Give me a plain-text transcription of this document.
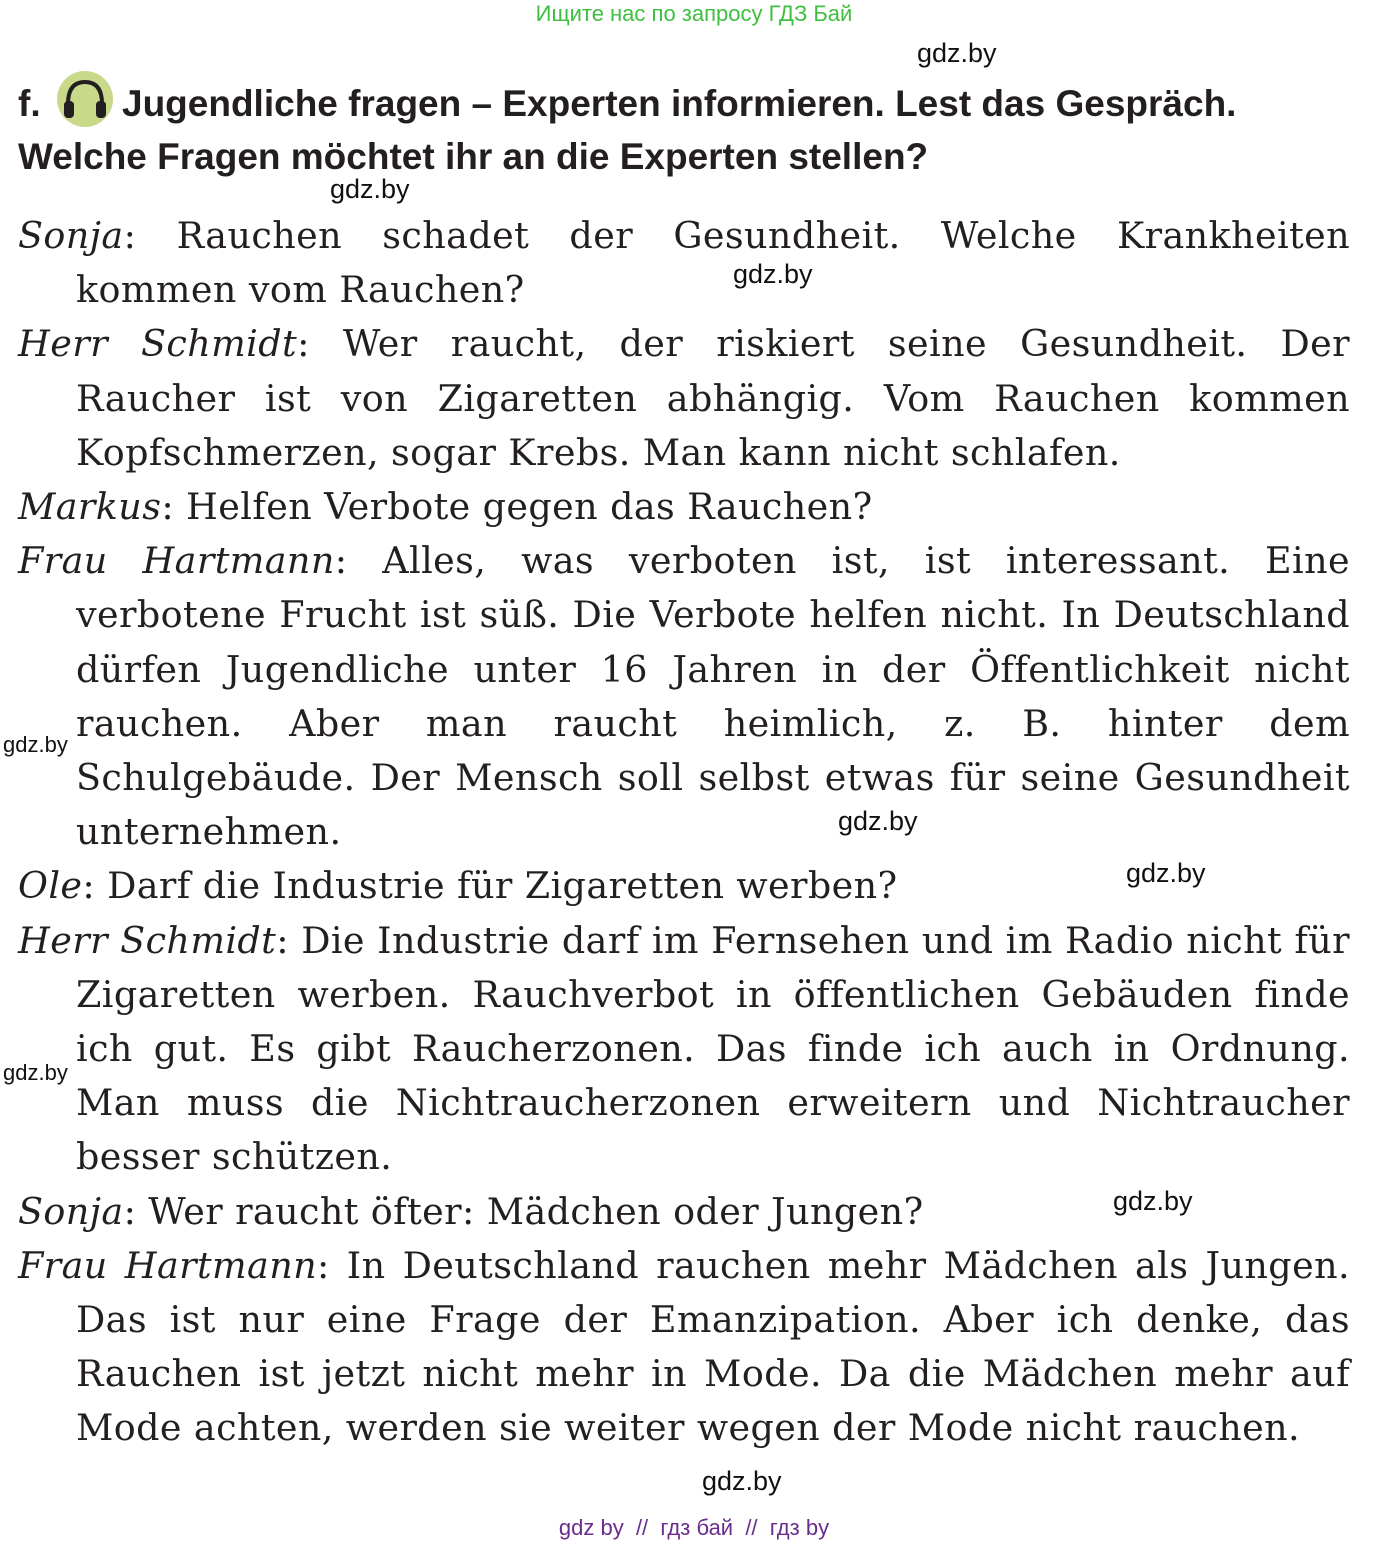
Ищите нас по запросу ГДЗ Бай
f. Jugendliche fragen – Experten informieren. Lest das Gespräch.
Welche Fragen möchtet ihr an die Experten stellen?

Sonja: Rauchen schadet der Gesundheit. Welche Krankheiten kommen vom Rauchen?

Herr Schmidt: Wer raucht, der riskiert seine Gesundheit. Der Raucher ist von Zigaretten abhängig. Vom Rauchen kommen Kopfschmerzen, sogar Krebs. Man kann nicht schlafen.

Markus: Helfen Verbote gegen das Rauchen?

Frau Hartmann: Alles, was verboten ist, ist interessant. Eine verbotene Frucht ist süß. Die Verbote helfen nicht. In Deutschland dürfen Jugendliche unter 16 Jahren in der Öffentlichkeit nicht rauchen. Aber man raucht heimlich, z. B. hinter dem Schulgebäude. Der Mensch soll selbst etwas für seine Gesundheit unternehmen.

Ole: Darf die Industrie für Zigaretten werben?

Herr Schmidt: Die Industrie darf im Fernsehen und im Radio nicht für Zigaretten werben. Rauchverbot in öffentlichen Gebäuden finde ich gut. Es gibt Raucherzonen. Das finde ich auch in Ordnung. Man muss die Nichtraucherzonen erweitern und Nichtraucher besser schützen.

Sonja: Wer raucht öfter: Mädchen oder Jungen?

Frau Hartmann: In Deutschland rauchen mehr Mädchen als Jungen. Das ist nur eine Frage der Emanzipation. Aber ich denke, das Rauchen ist jetzt nicht mehr in Mode. Da die Mädchen mehr auf Mode achten, werden sie weiter wegen der Mode nicht rauchen.

gdz.by
gdz.by
gdz.by
gdz.by
gdz.by
gdz.by
gdz.by
gdz.by
gdz.by
gdz by  //  гдз бай  //  гдз by
